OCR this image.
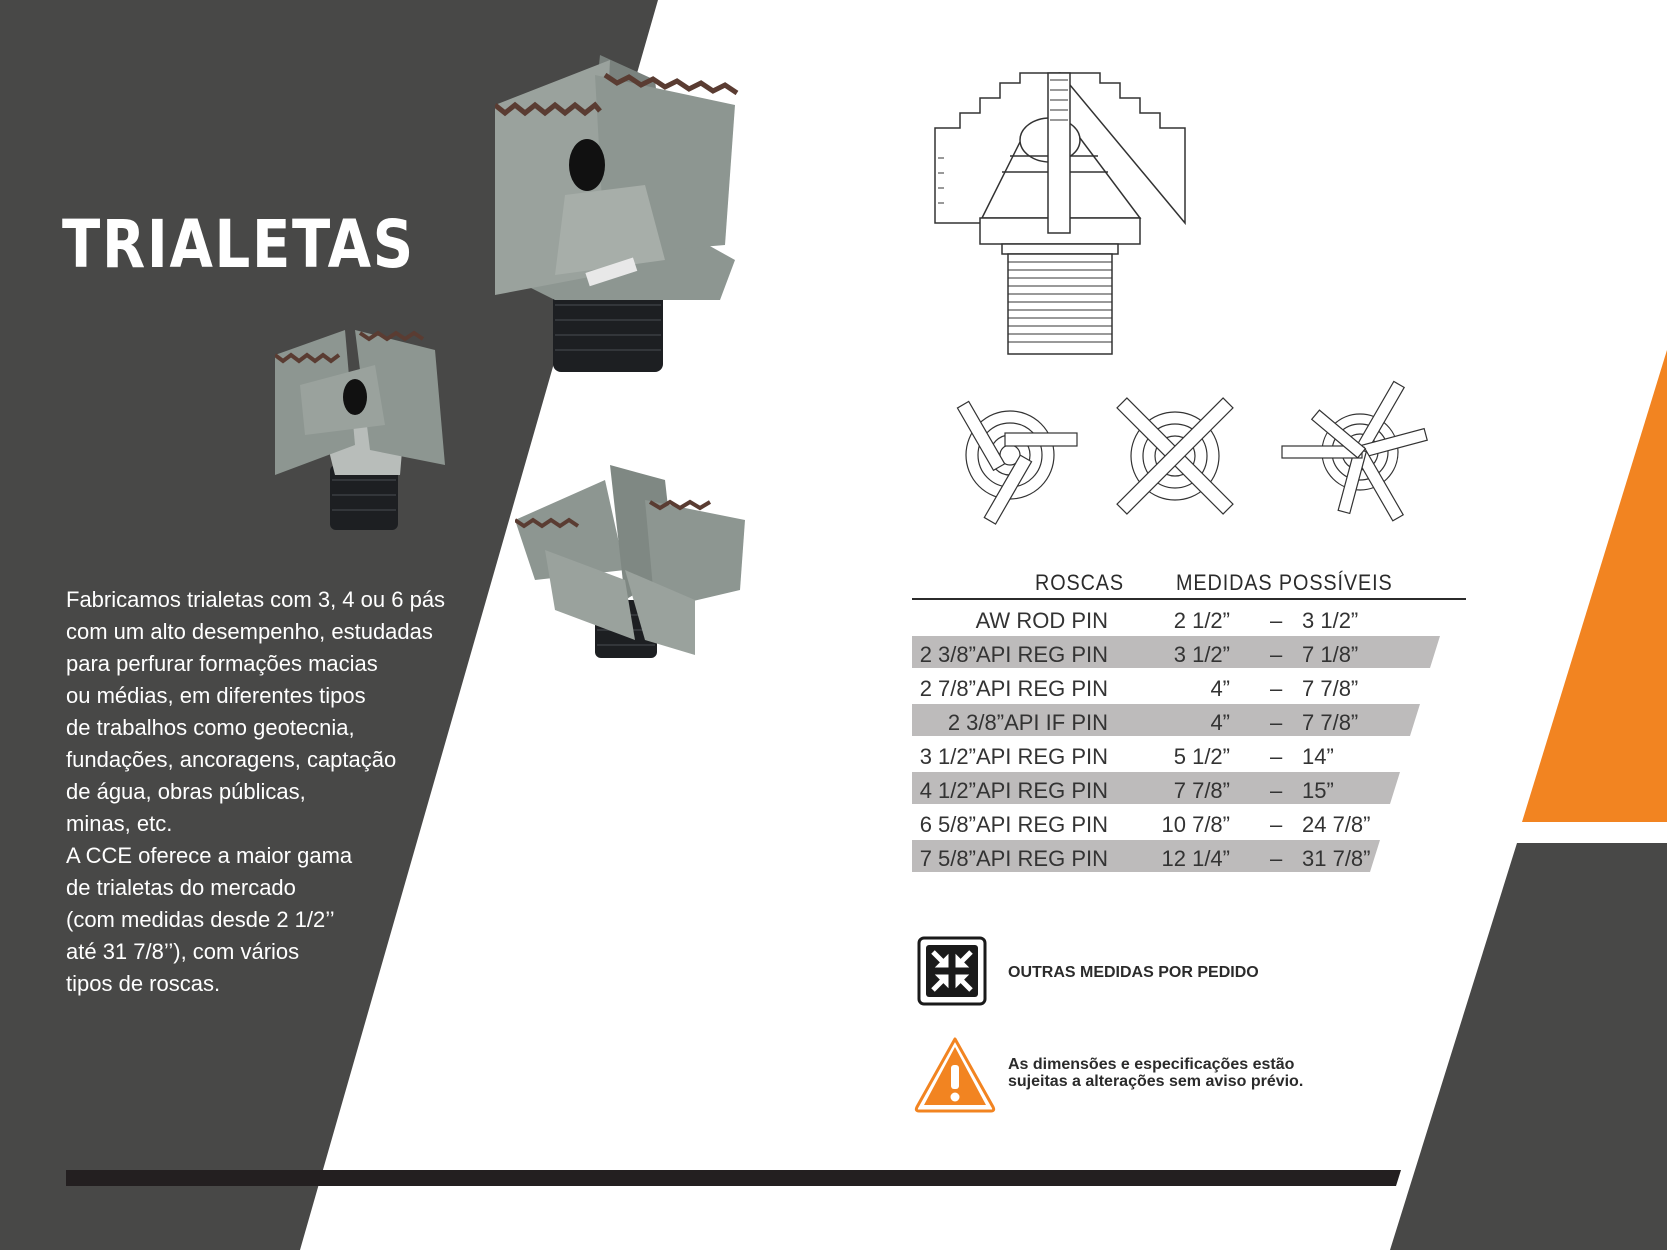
TRIALETAS
Fabricamos trialetas com 3, 4 ou 6 pás
com um alto desempenho, estudadas
para perfurar formações macias
ou médias, em diferentes tipos
de trabalhos como geotecnia,
fundações, ancoragens, captação
de água, obras públicas,
minas, etc.
A CCE oferece a maior gama
de trialetas do mercado
(com medidas desde 2 1/2’’
até 31 7/8’’), com vários
tipos de roscas.
ROSCAS MEDIDAS POSSÍVEIS
AW ROD PIN	2 1/2” – 3 1/2”
2 3/8”API REG PIN	3 1/2” – 7 1/8”
2 7/8”API REG PIN	4” – 7 7/8”
2 3/8”API IF PIN	4” – 7 7/8”
3 1/2”API REG PIN	5 1/2” – 14”
4 1/2”API REG PIN	7 7/8” – 15”
6 5/8”API REG PIN 10 7/8” – 24 7/8”
7 5/8”API REG PIN 12 1/4” – 31 7/8”
OUTRAS MEDIDAS POR PEDIDO
As dimensões e especificações estão
sujeitas a alterações sem aviso prévio.
